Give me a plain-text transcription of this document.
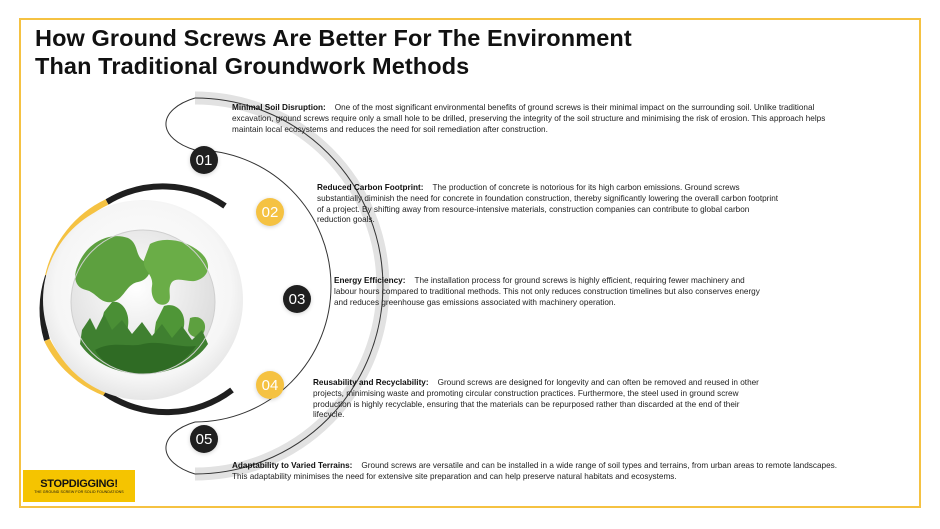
How Ground Screws Are Better For The Environment
Than Traditional Groundwork Methods
01
02
03
04
05
Minimal Soil Disruption: One of the most significant environmental benefits of ground screws is their minimal impact on the surrounding soil. Unlike traditional excavation, ground screws require only a small hole to be drilled, preserving the integrity of the soil structure and minimising the risk of erosion. This approach helps maintain local ecosystems and reduces the need for soil remediation after construction.
Reduced Carbon Footprint: The production of concrete is notorious for its high carbon emissions. Ground screws substantially diminish the need for concrete in foundation construction, thereby significantly lowering the overall carbon footprint of a project. By shifting away from resource-intensive materials, construction companies can contribute to global carbon reduction goals.
Energy Efficiency: The installation process for ground screws is highly efficient, requiring fewer machinery and labour hours compared to traditional methods. This not only reduces construction timelines but also conserves energy and reduces greenhouse gas emissions associated with machinery operation.
Reusability and Recyclability: Ground screws are designed for longevity and can often be removed and reused in other projects, minimising waste and promoting circular construction practices. Furthermore, the steel used in ground screw production is highly recyclable, ensuring that the materials can be repurposed rather than discarded at the end of their lifecycle.
Adaptability to Varied Terrains: Ground screws are versatile and can be installed in a wide range of soil types and terrains, from urban areas to remote landscapes. This adaptability minimises the need for extensive site preparation and can help preserve natural habitats and ecosystems.
STOPDIGGING!
THE GROUND SCREW FOR SOLID FOUNDATIONS
